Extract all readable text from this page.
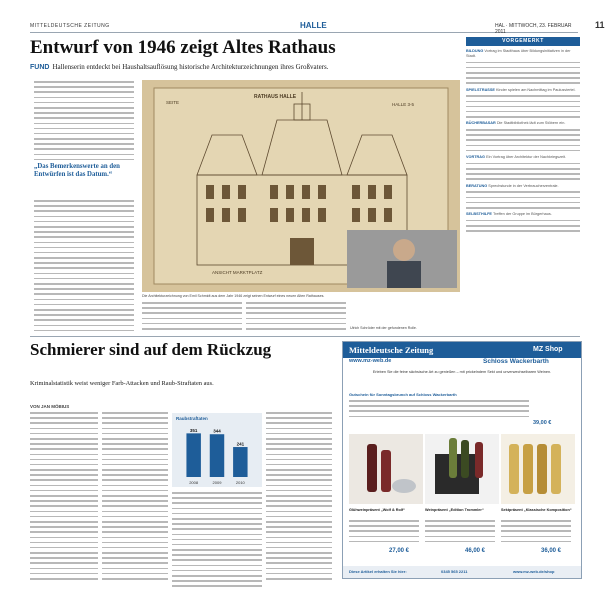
MITTELDEUTSCHE ZEITUNG	HALLE	HAL · MITTWOCH, 23. FEBRUAR 2011
11
Entwurf von 1946 zeigt Altes Rathaus
FUND Hallenserin entdeckt bei Haushaltsauflösung historische Architekturzeichnungen ihres Großvaters.
„Das Bemerkenswerte an den Entwürfen ist das Datum.“
RATHAUS HALLE
SEITE	HALLE 3-5
ANSICHT MARKTPLATZ
Die Architekturzeichnung von Emil Schmidt aus dem Jahr 1946 zeigt seinen Entwurf eines neuen Alten Rathauses.
Ulrich Schröder mit der gefundenen Rolle.
VORGEMERKT
BILDUNG Vortrag im Stadthaus über Bildungsinitiativen in der Stadt.
SPIELSTRASSE Kinder spielen am Nachmittag im Paulusviertel.
BÜCHERBASAR Die Stadtbibliothek lädt zum Stöbern ein.
VORTRAG Ein Vortrag über Architektur der Nachkriegszeit.
BERATUNG Sprechstunde in der Verbraucherzentrale.
SELBSTHILFE Treffen der Gruppe im Bürgerhaus.
Schmierer sind auf dem Rückzug
Kriminalstatistik weist weniger Farb-Attacken und Raub-Straftaten aus.
VON JAN MÖBIUS
Raubstraftaten
351
2008
344
2009
241
2010
Mitteldeutsche Zeitung	MZ Shop
www.mz-web.de	Schloss Wackerbarth
Erleben Sie die feine sächsische Art zu genießen – mit prickelndem Sekt und unverwechselbaren Weinen.
Gutschein für Sonntagsbrunch auf Schloss Wackerbarth
39,00 €
Glühweinpräsent „Wolf & Rolf“	Weinpräsent „Edition Trommler“	Sektpräsent „Klassische Komposition“
27,00 €	46,00 €	36,00 €
Diese Artikel erhalten Sie hier:	0345 565 2211	www.mz-web.de/shop
